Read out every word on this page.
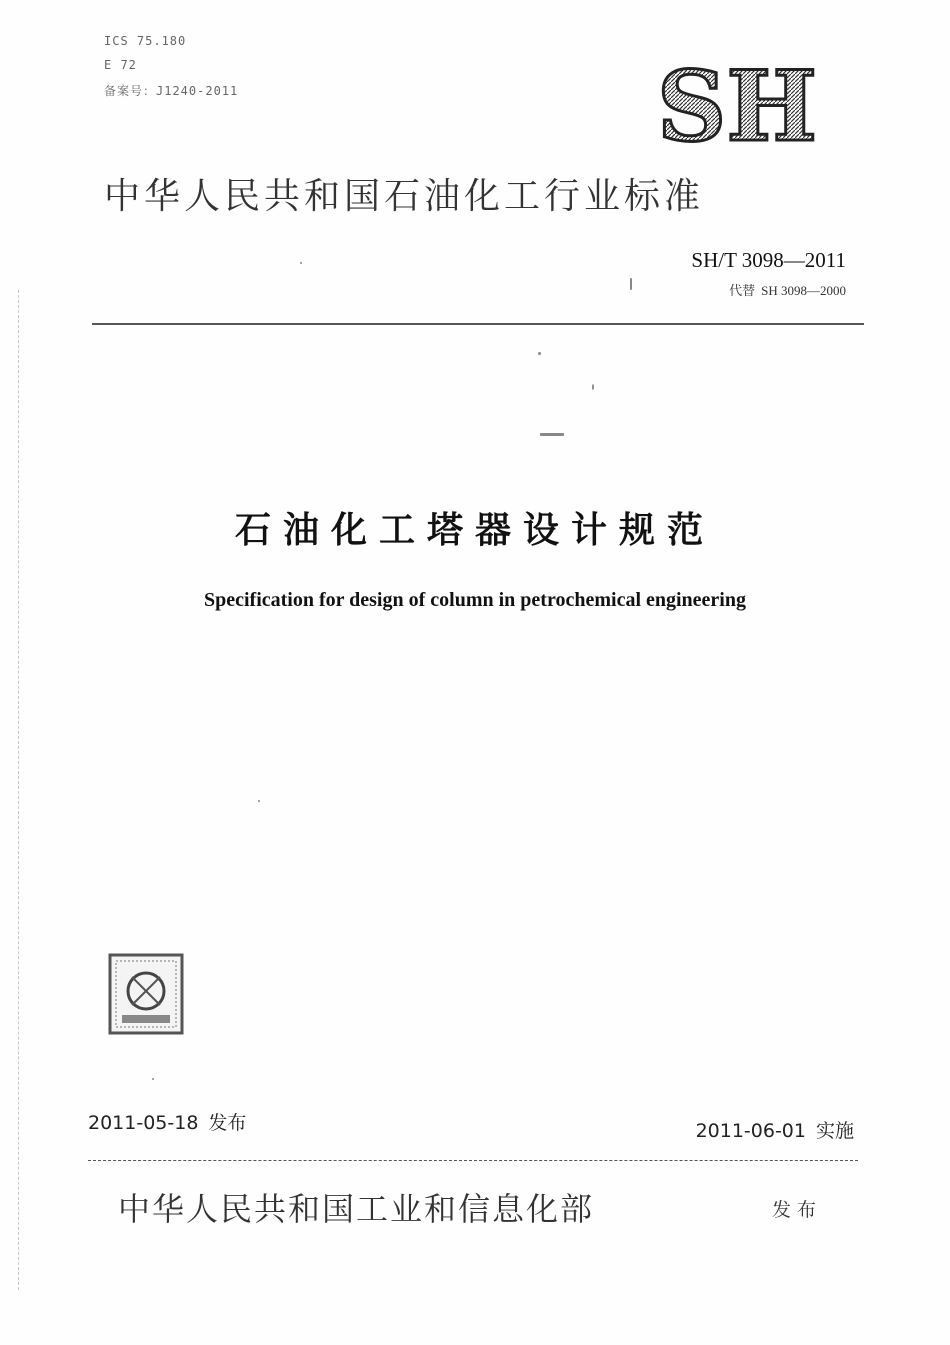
ICS 75.180
E 72
备案号：J1240-2011	SH
中华人民共和国石油化工行业标准
SH/T 3098—2011
代替 SH 3098—2000
石油化工塔器设计规范
Specification for design of column in petrochemical engineering
2011-05-18 发布	2011-06-01 实施
中华人民共和国工业和信息化部	发布
